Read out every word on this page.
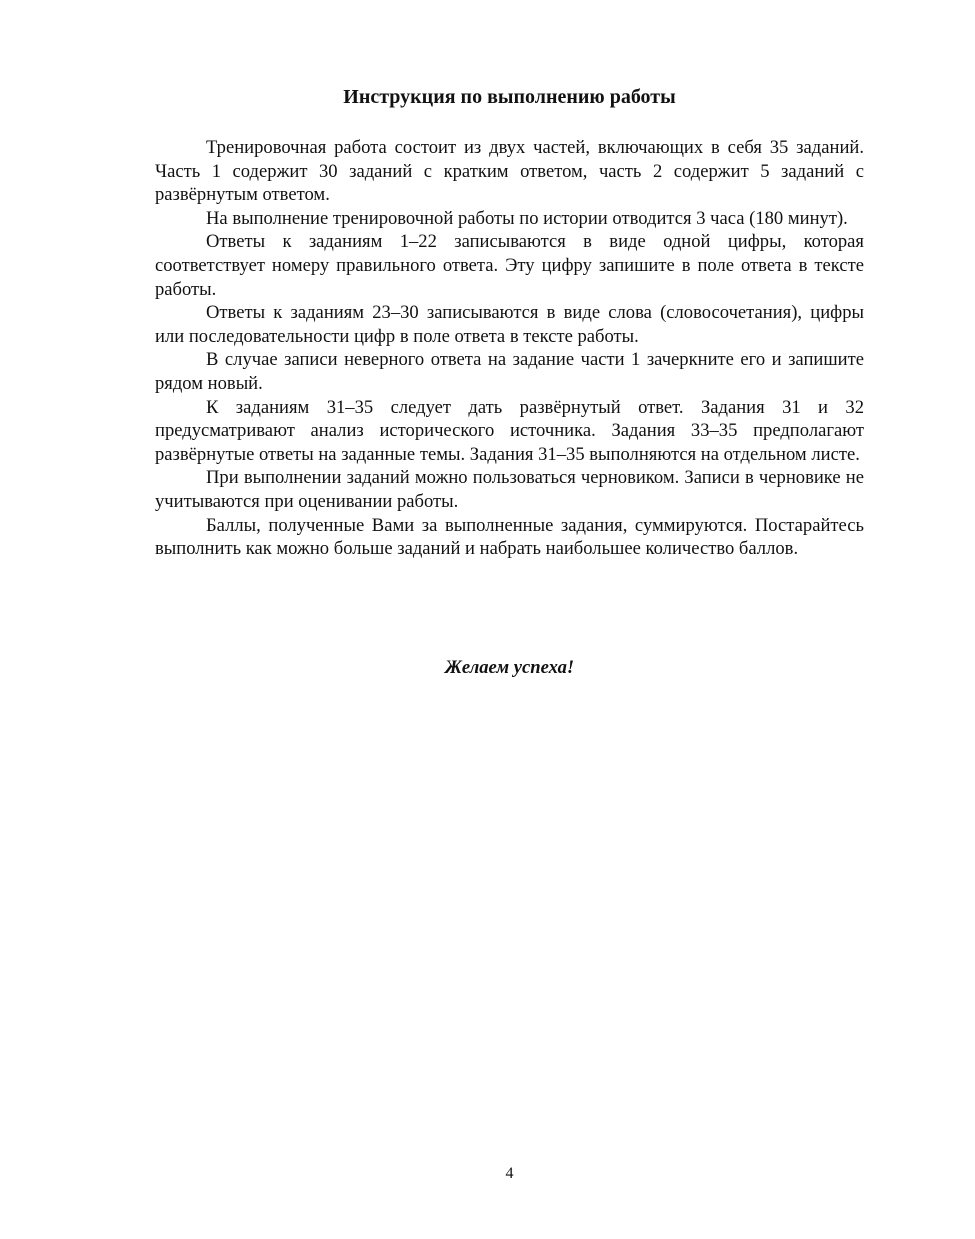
Инструкция по выполнению работы

Тренировочная работа состоит из двух частей, включающих в себя 35 заданий. Часть 1 содержит 30 заданий с кратким ответом, часть 2 содержит 5 заданий с развёрнутым ответом.

На выполнение тренировочной работы по истории отводится 3 часа (180 минут).

Ответы к заданиям 1–22 записываются в виде одной цифры, которая соответствует номеру правильного ответа. Эту цифру запишите в поле ответа в тексте работы.

Ответы к заданиям 23–30 записываются в виде слова (словосочетания), цифры или последовательности цифр в поле ответа в тексте работы.

В случае записи неверного ответа на задание части 1 зачеркните его и запишите рядом новый.

К заданиям 31–35 следует дать развёрнутый ответ. Задания 31 и 32 предусматривают анализ исторического источника. Задания 33–35 предполагают развёрнутые ответы на заданные темы. Задания 31–35 выполняются на отдельном листе.

При выполнении заданий можно пользоваться черновиком. Записи в черновике не учитываются при оценивании работы.

Баллы, полученные Вами за выполненные задания, суммируются. Постарайтесь выполнить как можно больше заданий и набрать наибольшее количество баллов.

Желаем успеха!

4
